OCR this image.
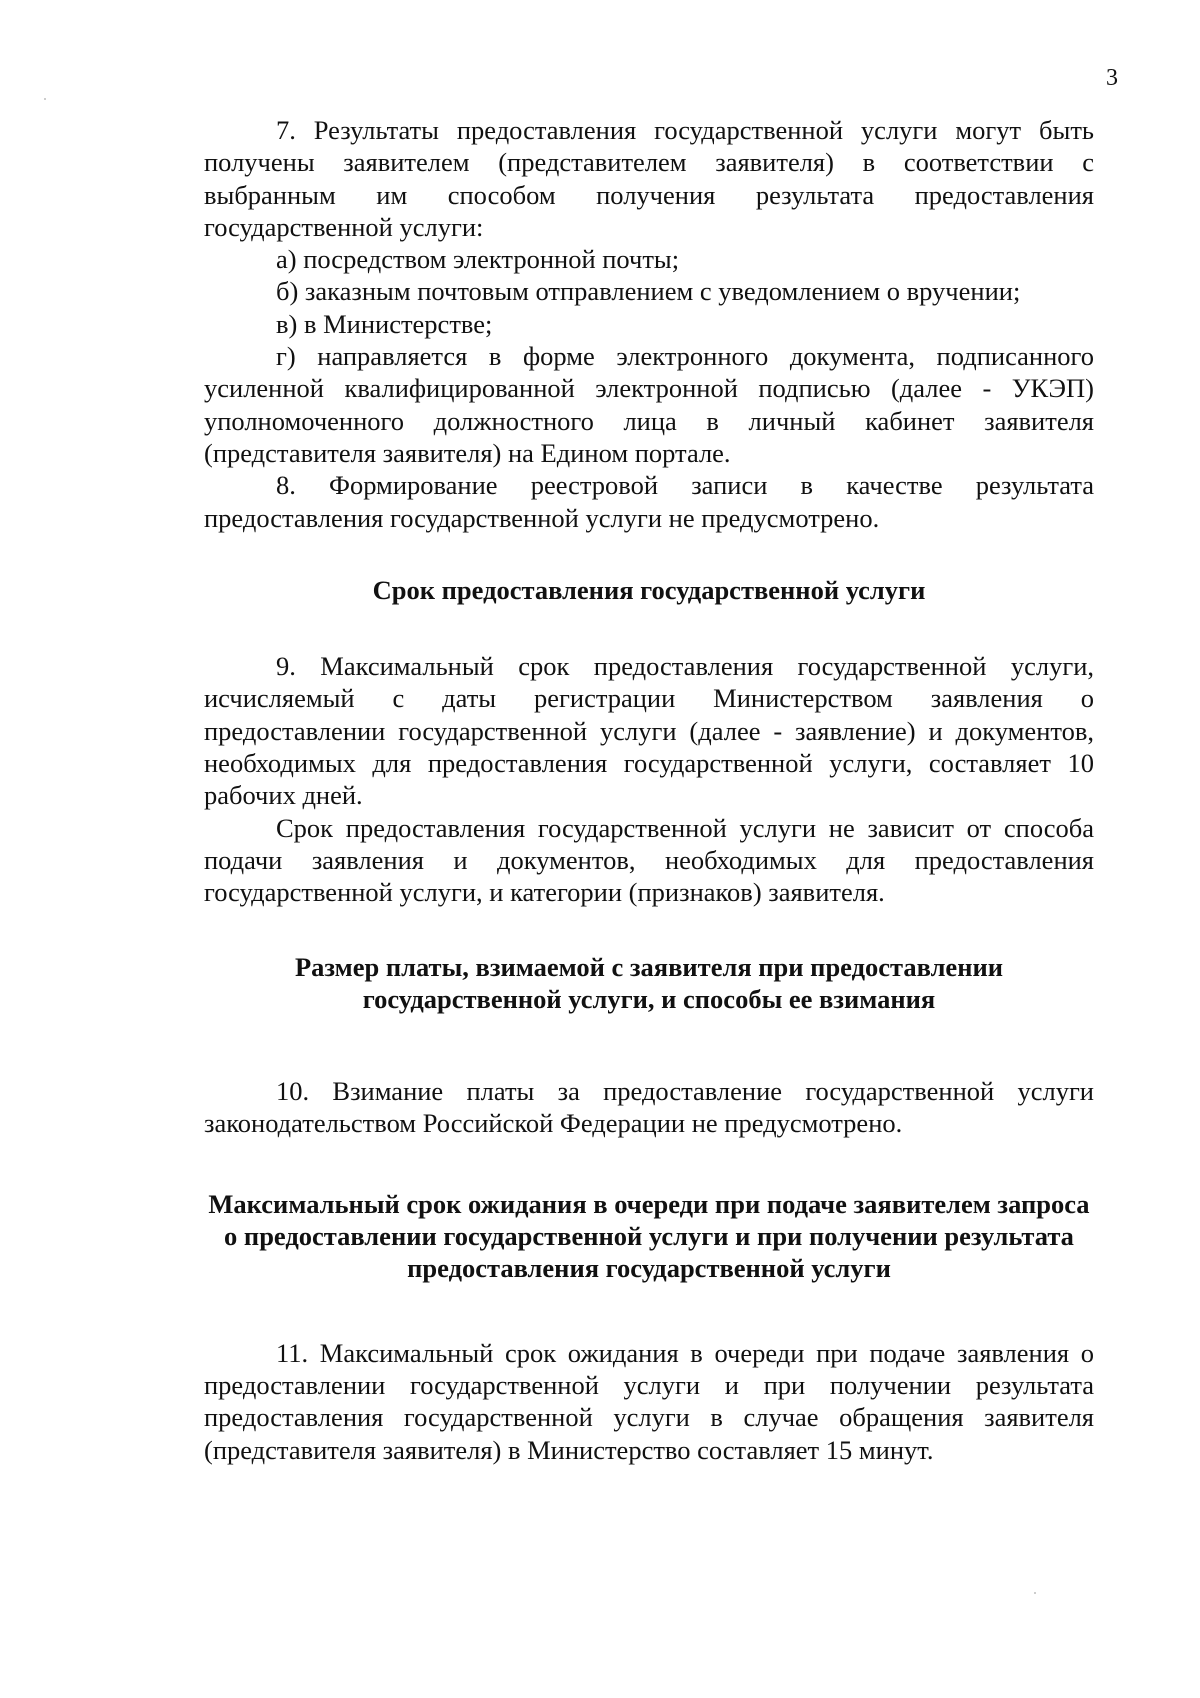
3

7. Результаты предоставления государственной услуги могут быть получены заявителем (представителем заявителя) в соответствии с выбранным им способом получения результата предоставления государственной услуги:

а) посредством электронной почты;

б) заказным почтовым отправлением с уведомлением о вручении;

в) в Министерстве;

г) направляется в форме электронного документа, подписанного усиленной квалифицированной электронной подписью (далее - УКЭП) уполномоченного должностного лица в личный кабинет заявителя (представителя заявителя) на Едином портале.

8. Формирование реестровой записи в качестве результата предоставления государственной услуги не предусмотрено.

Срок предоставления государственной услуги

9. Максимальный срок предоставления государственной услуги, исчисляемый с даты регистрации Министерством заявления о предоставлении государственной услуги (далее - заявление) и документов, необходимых для предоставления государственной услуги, составляет 10 рабочих дней.

Срок предоставления государственной услуги не зависит от способа подачи заявления и документов, необходимых для предоставления государственной услуги, и категории (признаков) заявителя.

Размер платы, взимаемой с заявителя при предоставлении государственной услуги, и способы ее взимания

10. Взимание платы за предоставление государственной услуги законодательством Российской Федерации не предусмотрено.

Максимальный срок ожидания в очереди при подаче заявителем запроса о предоставлении государственной услуги и при получении результата предоставления государственной услуги

11. Максимальный срок ожидания в очереди при подаче заявления о предоставлении государственной услуги и при получении результата предоставления государственной услуги в случае обращения заявителя (представителя заявителя) в Министерство составляет 15 минут.
